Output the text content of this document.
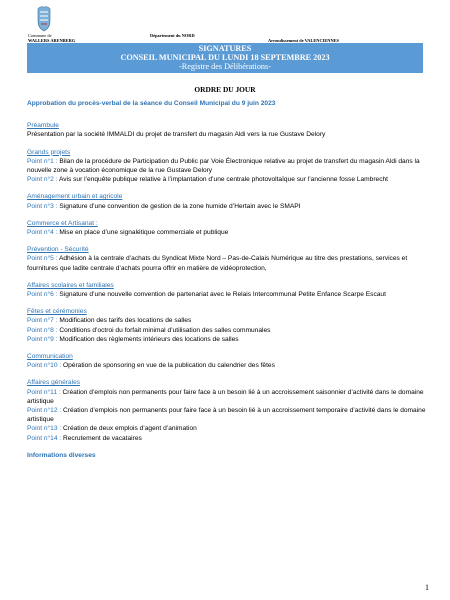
Commune de
WALLERS ARENBERG
Département du NORD
Arrondissement de VALENCIENNES
SIGNATURES
CONSEIL MUNICIPAL DU LUNDI 18 SEPTEMBRE 2023
-Registre des Délibérations-
ORDRE DU JOUR
Approbation du procès-verbal de la séance du Conseil Municipal du 9 juin 2023
Préambule
Présentation par la société IMMALDI du projet de transfert du magasin Aldi vers la rue Gustave Delory
Grands projets
Point n°1 : Bilan de la procédure de Participation du Public par Voie Électronique relative au projet de transfert du magasin Aldi dans la nouvelle zone à vocation économique de la rue Gustave Delory
Point n°2 : Avis sur l’enquête publique relative à l’implantation d’une centrale photovoltaïque sur l’ancienne fosse Lambrecht
Aménagement urbain et agricole
Point n°3 : Signature d’une convention de gestion de la zone humide d’Hertain avec le SMAPI
Commerce et Artisanat :
Point n°4 : Mise en place d’une signalétique commerciale et publique
Prévention - Sécurité
Point n°5 : Adhésion à la centrale d’achats du Syndicat Mixte Nord – Pas-de-Calais Numérique au titre des prestations, services et fournitures que ladite centrale d’achats pourra offrir en matière de vidéoprotection,
Affaires scolaires et familiales
Point n°6 : Signature d’une nouvelle convention de partenariat avec le Relais Intercommunal Petite Enfance Scarpe Escaut
Fêtes et cérémonies
Point n°7 : Modification des tarifs des locations de salles
Point n°8 : Conditions d’octroi du forfait minimal d’utilisation des salles communales
Point n°9 : Modification des règlements intérieurs des locations de salles
Communication
Point n°10 : Opération de sponsoring en vue de la publication du calendrier des fêtes
Affaires générales
Point n°11 : Création d’emplois non permanents pour faire face à un besoin lié à un accroissement saisonnier d’activité dans le domaine artistique
Point n°12 : Création d’emplois non permanents pour faire face à un besoin lié à un accroissement temporaire d’activité dans le domaine artistique
Point n°13 : Création de deux emplois d’agent d’animation
Point n°14 : Recrutement de vacataires
Informations diverses
1
